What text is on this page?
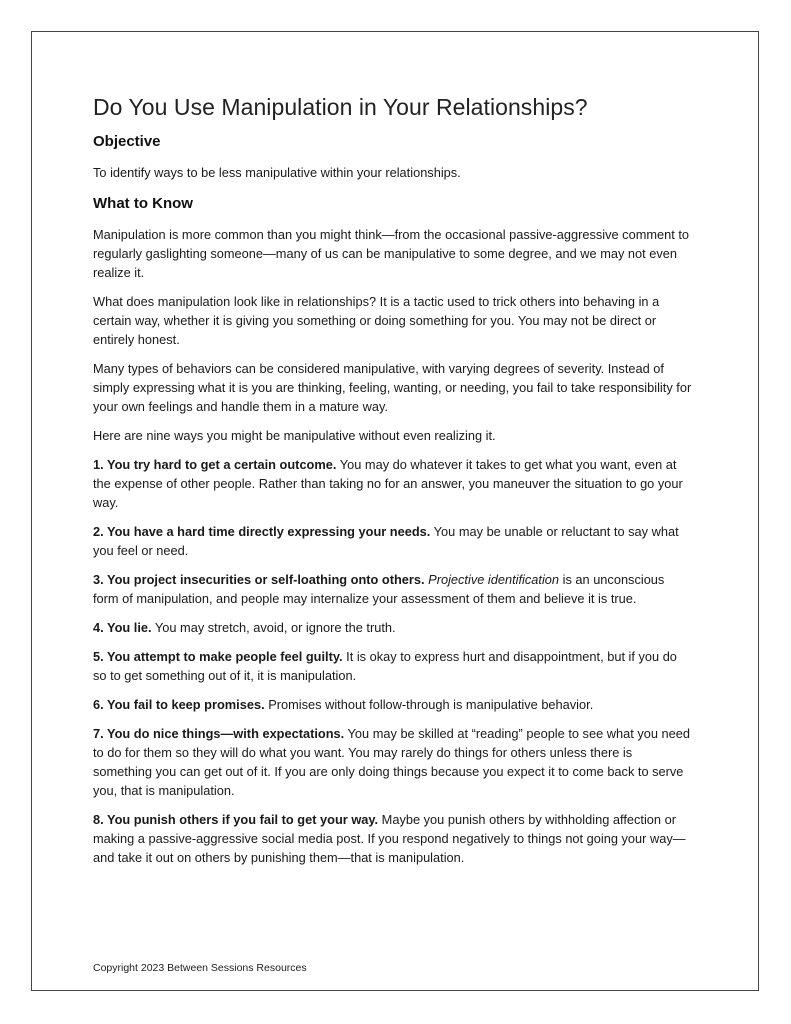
Do You Use Manipulation in Your Relationships?
Objective

To identify ways to be less manipulative within your relationships.

What to Know

Manipulation is more common than you might think—from the occasional passive-aggressive comment to regularly gaslighting someone—many of us can be manipulative to some degree, and we may not even realize it.

What does manipulation look like in relationships? It is a tactic used to trick others into behaving in a certain way, whether it is giving you something or doing something for you. You may not be direct or entirely honest.

Many types of behaviors can be considered manipulative, with varying degrees of severity. Instead of simply expressing what it is you are thinking, feeling, wanting, or needing, you fail to take responsibility for your own feelings and handle them in a mature way.

Here are nine ways you might be manipulative without even realizing it.

1. You try hard to get a certain outcome. You may do whatever it takes to get what you want, even at the expense of other people. Rather than taking no for an answer, you maneuver the situation to go your way.

2. You have a hard time directly expressing your needs. You may be unable or reluctant to say what you feel or need.

3. You project insecurities or self-loathing onto others. Projective identification is an unconscious form of manipulation, and people may internalize your assessment of them and believe it is true.

4. You lie. You may stretch, avoid, or ignore the truth.

5. You attempt to make people feel guilty. It is okay to express hurt and disappointment, but if you do so to get something out of it, it is manipulation.

6. You fail to keep promises. Promises without follow-through is manipulative behavior.

7. You do nice things—with expectations. You may be skilled at “reading” people to see what you need to do for them so they will do what you want. You may rarely do things for others unless there is something you can get out of it. If you are only doing things because you expect it to come back to serve you, that is manipulation.

8. You punish others if you fail to get your way. Maybe you punish others by withholding affection or making a passive-aggressive social media post. If you respond negatively to things not going your way—and take it out on others by punishing them—that is manipulation.

Copyright 2023 Between Sessions Resources
